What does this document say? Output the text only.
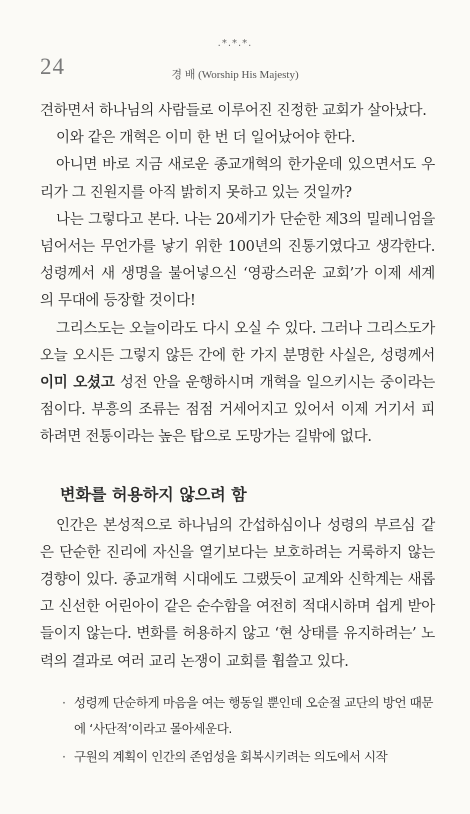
.*.*.*.
24	경 배 (Worship His Majesty)

견하면서 하나님의 사람들로 이루어진 진정한 교회가 살아났다.

이와 같은 개혁은 이미 한 번 더 일어났어야 한다.

아니면 바로 지금 새로운 종교개혁의 한가운데 있으면서도 우리가 그 진원지를 아직 밝히지 못하고 있는 것일까?

나는 그렇다고 본다. 나는 20세기가 단순한 제3의 밀레니엄을 넘어서는 무언가를 낳기 위한 100년의 진통기였다고 생각한다. 성령께서 새 생명을 불어넣으신 ‘영광스러운 교회’가 이제 세계의 무대에 등장할 것이다!

그리스도는 오늘이라도 다시 오실 수 있다. 그러나 그리스도가 오늘 오시든 그렇지 않든 간에 한 가지 분명한 사실은, 성령께서 이미 오셨고 성전 안을 운행하시며 개혁을 일으키시는 중이라는 점이다. 부흥의 조류는 점점 거세어지고 있어서 이제 거기서 피하려면 전통이라는 높은 탑으로 도망가는 길밖에 없다.

변화를 허용하지 않으려 함

인간은 본성적으로 하나님의 간섭하심이나 성령의 부르심 같은 단순한 진리에 자신을 열기보다는 보호하려는 거룩하지 않는 경향이 있다. 종교개혁 시대에도 그랬듯이 교계와 신학계는 새롭고 신선한 어린아이 같은 순수함을 여전히 적대시하며 쉽게 받아들이지 않는다. 변화를 허용하지 않고 ‘현 상태를 유지하려는’ 노력의 결과로 여러 교리 논쟁이 교회를 휩쓸고 있다.

· 성령께 단순하게 마음을 여는 행동일 뿐인데 오순절 교단의 방언 때문에 ‘사단적’이라고 몰아세운다.
· 구원의 계획이 인간의 존엄성을 회복시키려는 의도에서 시작
